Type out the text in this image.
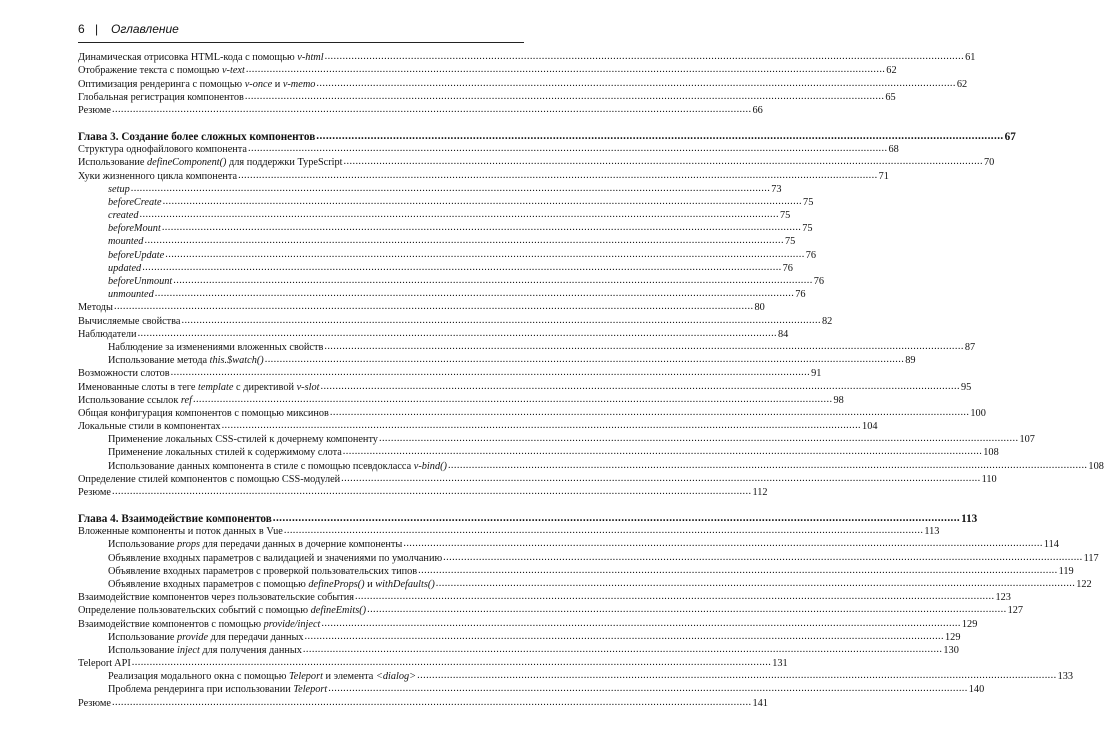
6 | Оглавление
Динамическая отрисовка HTML-кода с помощью v-html .....	61
Отображение текста с помощью v-text .....	62
Оптимизация рендеринга с помощью v-once и v-memo .....	62
Глобальная регистрация компонентов .....	65
Резюме .....	66
Глава 3. Создание более сложных компонентов .....	67
Структура однофайлового компонента .....	68
Использование defineComponent() для поддержки TypeScript .....	70
Хуки жизненного цикла компонента .....	71
setup .....	73
beforeCreate .....	75
created .....	75
beforeMount .....	75
mounted .....	75
beforeUpdate .....	76
updated .....	76
beforeUnmount .....	76
unmounted .....	76
Методы .....	80
Вычисляемые свойства .....	82
Наблюдатели .....	84
Наблюдение за изменениями вложенных свойств .....	87
Использование метода this.$watch() .....	89
Возможности слотов .....	91
Именованные слоты в теге template с директивой v-slot .....	95
Использование ссылок ref .....	98
Общая конфигурация компонентов с помощью миксинов .....	100
Локальные стили в компонентах .....	104
Применение локальных CSS-стилей к дочернему компоненту .....	107
Применение локальных стилей к содержимому слота .....	108
Использование данных компонента в стиле с помощью псевдокласса v-bind() .....	108
Определение стилей компонентов с помощью CSS-модулей .....	110
Резюме .....	112
Глава 4. Взаимодействие компонентов .....	113
Вложенные компоненты и поток данных в Vue .....	113
Использование props для передачи данных в дочерние компоненты .....	114
Объявление входных параметров с валидацией и значениями по умолчанию .....	117
Объявление входных параметров с проверкой пользовательских типов .....	119
Объявление входных параметров с помощью defineProps() и withDefaults() .....	122
Взаимодействие компонентов через пользовательские события .....	123
Определение пользовательских событий с помощью defineEmits() .....	127
Взаимодействие компонентов с помощью provide/inject .....	129
Использование provide для передачи данных .....	129
Использование inject для получения данных .....	130
Teleport API .....	131
Реализация модального окна с помощью Teleport и элемента <dialog> .....	133
Проблема рендеринга при использовании Teleport .....	140
Резюме .....	141
